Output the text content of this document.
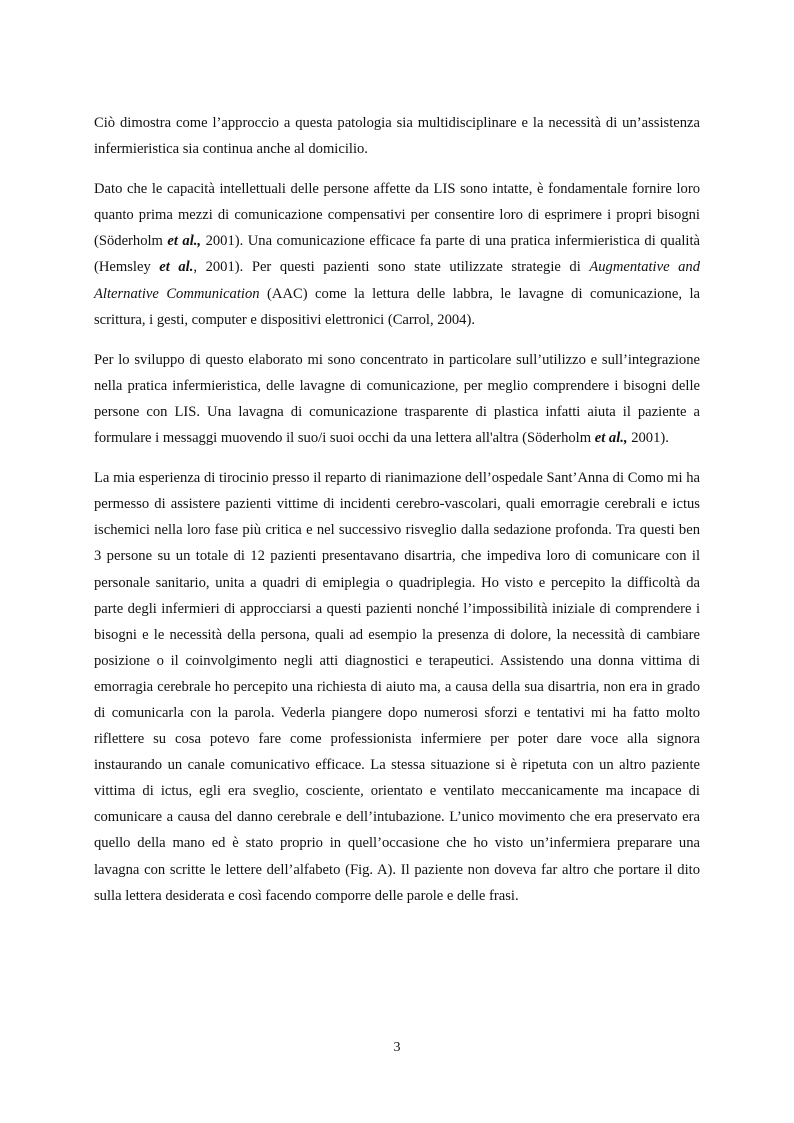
Ciò dimostra come l’approccio a questa patologia sia multidisciplinare e la necessità di un’assistenza infermieristica sia continua anche al domicilio.

Dato che le capacità intellettuali delle persone affette da LIS sono intatte, è fondamentale fornire loro quanto prima mezzi di comunicazione compensativi per consentire loro di esprimere i propri bisogni (Söderholm et al., 2001). Una comunicazione efficace fa parte di una pratica infermieristica di qualità (Hemsley et al., 2001). Per questi pazienti sono state utilizzate strategie di Augmentative and Alternative Communication (AAC) come la lettura delle labbra, le lavagne di comunicazione, la scrittura, i gesti, computer e dispositivi elettronici (Carrol, 2004).

Per lo sviluppo di questo elaborato mi sono concentrato in particolare sull’utilizzo e sull’integrazione nella pratica infermieristica, delle lavagne di comunicazione, per meglio comprendere i bisogni delle persone con LIS. Una lavagna di comunicazione trasparente di plastica infatti aiuta il paziente a formulare i messaggi muovendo il suo/i suoi occhi da una lettera all'altra (Söderholm et al., 2001).

La mia esperienza di tirocinio presso il reparto di rianimazione dell’ospedale Sant’Anna di Como mi ha permesso di assistere pazienti vittime di incidenti cerebro-vascolari, quali emorragie cerebrali e ictus ischemici nella loro fase più critica e nel successivo risveglio dalla sedazione profonda. Tra questi ben 3 persone su un totale di 12 pazienti presentavano disartria, che impediva loro di comunicare con il personale sanitario, unita a quadri di emiplegia o quadriplegia. Ho visto e percepito la difficoltà da parte degli infermieri di approcciarsi a questi pazienti nonché l’impossibilità iniziale di comprendere i bisogni e le necessità della persona, quali ad esempio la presenza di dolore, la necessità di cambiare posizione o il coinvolgimento negli atti diagnostici e terapeutici. Assistendo una donna vittima di emorragia cerebrale ho percepito una richiesta di aiuto ma, a causa della sua disartria, non era in grado di comunicarla con la parola. Vederla piangere dopo numerosi sforzi e tentativi mi ha fatto molto riflettere su cosa potevo fare come professionista infermiere per poter dare voce alla signora instaurando un canale comunicativo efficace. La stessa situazione si è ripetuta con un altro paziente vittima di ictus, egli era sveglio, cosciente, orientato e ventilato meccanicamente ma incapace di comunicare a causa del danno cerebrale e dell’intubazione. L’unico movimento che era preservato era quello della mano ed è stato proprio in quell’occasione che ho visto un’infermiera preparare una lavagna con scritte le lettere dell’alfabeto (Fig. A). Il paziente non doveva far altro che portare il dito sulla lettera desiderata e così facendo comporre delle parole e delle frasi.

3
